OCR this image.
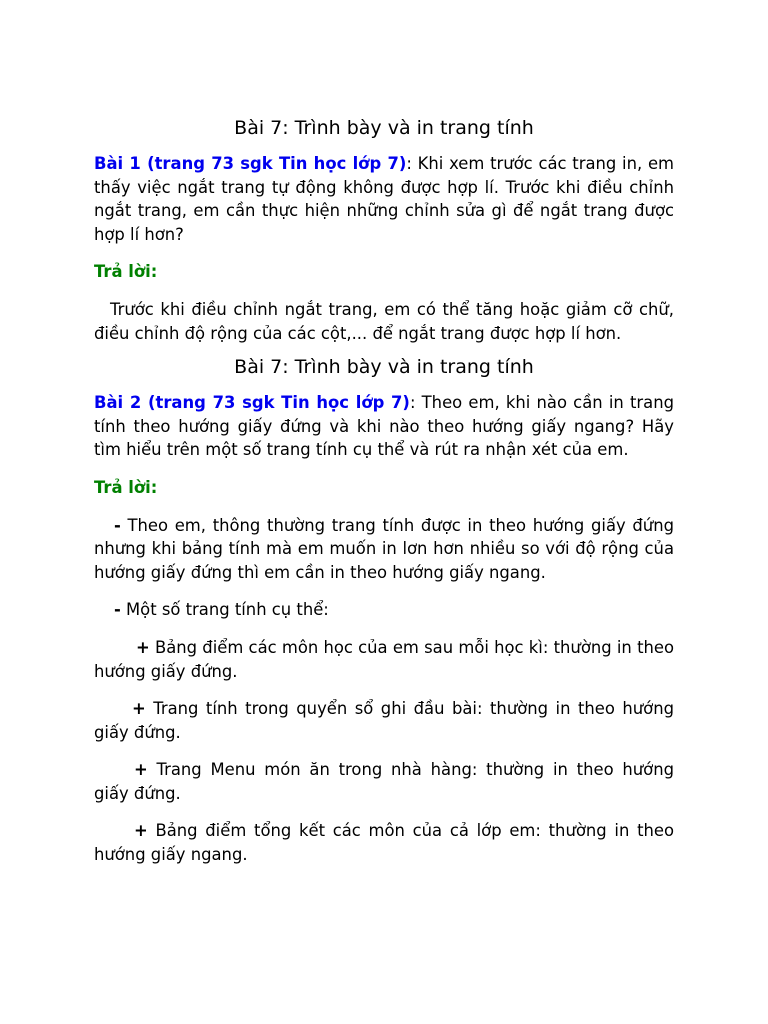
Bài 7: Trình bày và in trang tính

Bài 1 (trang 73 sgk Tin học lớp 7): Khi xem trước các trang in, em thấy việc ngắt trang tự động không được hợp lí. Trước khi điều chỉnh ngắt trang, em cần thực hiện những chỉnh sửa gì để ngắt trang được hợp lí hơn?

Trả lời:

Trước khi điều chỉnh ngắt trang, em có thể tăng hoặc giảm cỡ chữ, điều chỉnh độ rộng của các cột,... để ngắt trang được hợp lí hơn.

Bài 7: Trình bày và in trang tính

Bài 2 (trang 73 sgk Tin học lớp 7): Theo em, khi nào cần in trang tính theo hướng giấy đứng và khi nào theo hướng giấy ngang? Hãy tìm hiểu trên một số trang tính cụ thể và rút ra nhận xét của em.

Trả lời:

- Theo em, thông thường trang tính được in theo hướng giấy đứng nhưng khi bảng tính mà em muốn in lơn hơn nhiều so với độ rộng của hướng giấy đứng thì em cần in theo hướng giấy ngang.

- Một số trang tính cụ thể:

+ Bảng điểm các môn học của em sau mỗi học kì: thường in theo hướng giấy đứng.

+ Trang tính trong quyển sổ ghi đầu bài: thường in theo hướng giấy đứng.

+ Trang Menu món ăn trong nhà hàng: thường in theo hướng giấy đứng.

+ Bảng điểm tổng kết các môn của cả lớp em: thường in theo hướng giấy ngang.
